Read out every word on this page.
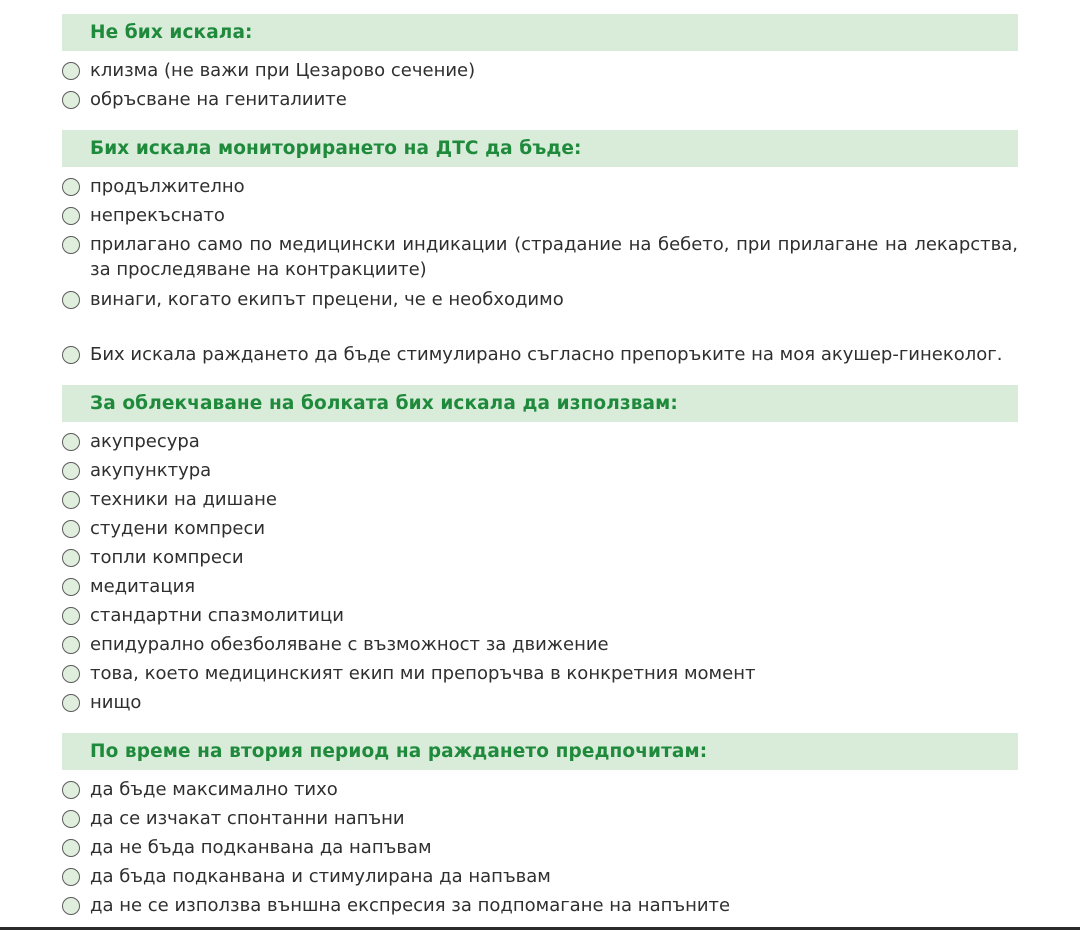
Не бих искала:
клизма (не важи при Цезарово сечение)
обръсване на гениталиите
Бих искала мониторирането на ДТС да бъде:
продължително
непрекъснато
прилагано само по медицински индикации (страдание на бебето, при прилагане на лекарства, за проследяване на контракциите)
винаги, когато екипът прецени, че е необходимо
Бих искала раждането да бъде стимулирано съгласно препоръките на моя акушер-гинеколог.
За облекчаване на болката бих искала да използвам:
акупресура
акупунктура
техники на дишане
студени компреси
топли компреси
медитация
стандартни спазмолитици
епидурално обезболяване с възможност за движение
това, което медицинският екип ми препоръчва в конкретния момент
нищо
По време на втория период на раждането предпочитам:
да бъде максимално тихо
да се изчакат спонтанни напъни
да не бъда подканвана да напъвам
да бъда подканвана и стимулирана да напъвам
да не се използва външна експресия за подпомагане на напъните
